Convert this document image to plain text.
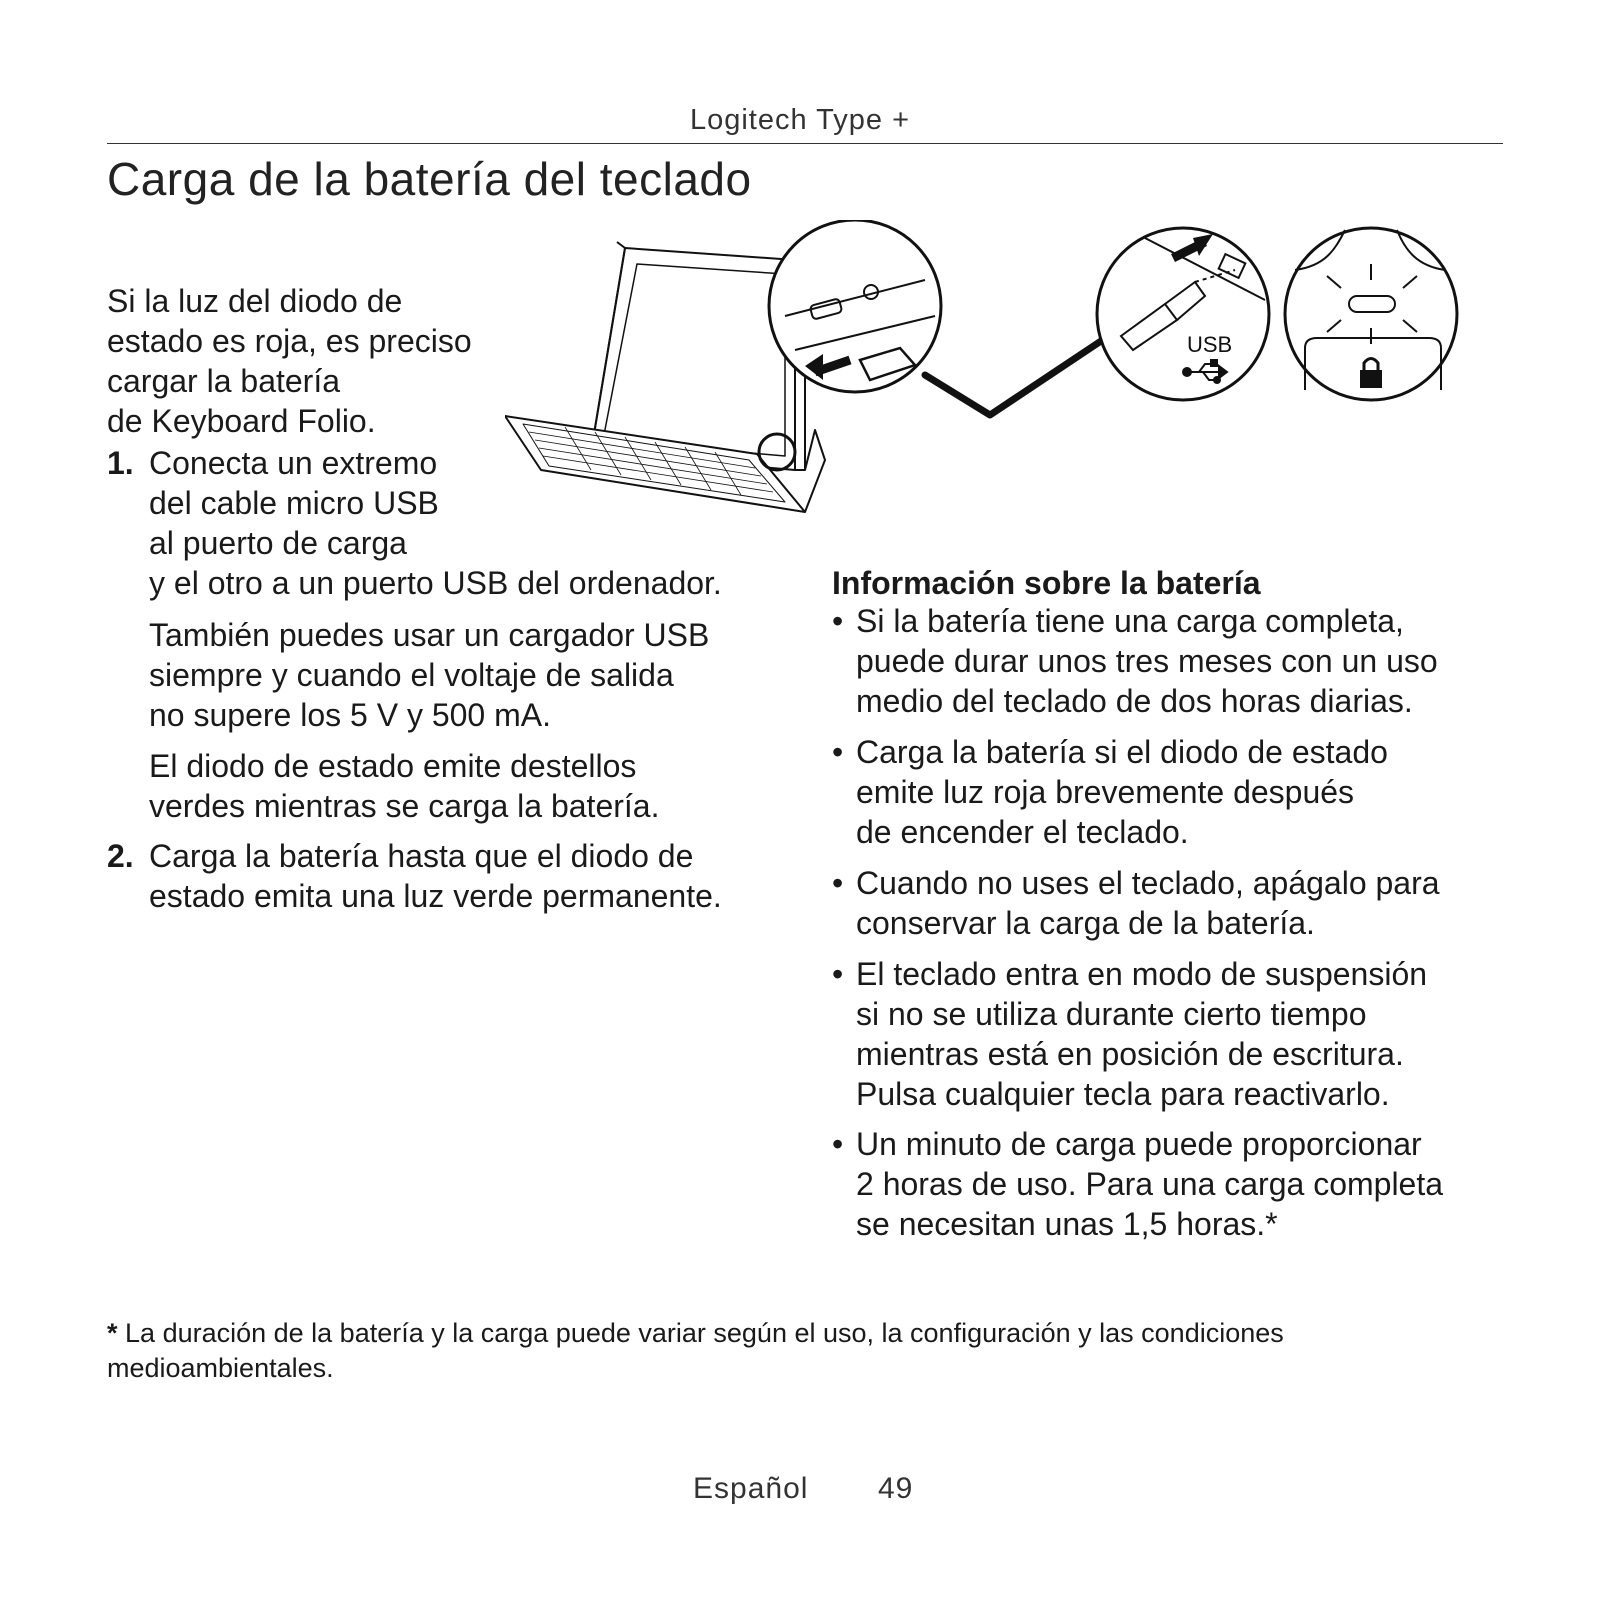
Logitech Type +
Carga de la batería del teclado
Si la luz del diodo de
estado es roja, es preciso
cargar la batería
de Keyboard Folio.
1. Conecta un extremo
del cable micro USB
al puerto de carga
y el otro a un puerto USB del ordenador.
También puedes usar un cargador USB
siempre y cuando el voltaje de salida
no supere los 5 V y 500 mA.
El diodo de estado emite destellos
verdes mientras se carga la batería.
2. Carga la batería hasta que el diodo de
estado emita una luz verde permanente.
Información sobre la batería
• Si la batería tiene una carga completa,
puede durar unos tres meses con un uso
medio del teclado de dos horas diarias.
• Carga la batería si el diodo de estado
emite luz roja brevemente después
de encender el teclado.
• Cuando no uses el teclado, apágalo para
conservar la carga de la batería.
• El teclado entra en modo de suspensión
si no se utiliza durante cierto tiempo
mientras está en posición de escritura.
Pulsa cualquier tecla para reactivarlo.
• Un minuto de carga puede proporcionar
2 horas de uso. Para una carga completa
se necesitan unas 1,5 horas.*
USB
* La duración de la batería y la carga puede variar según el uso, la configuración y las condiciones
medioambientales.
Español 49
